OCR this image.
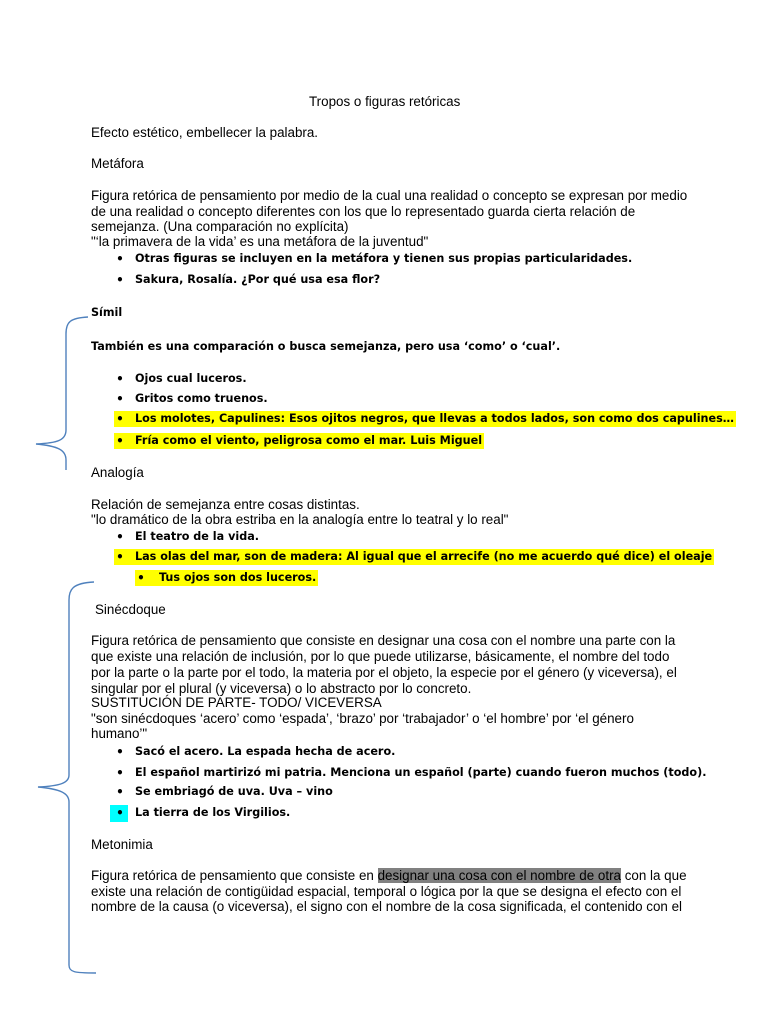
Tropos o figuras retóricas
Efecto estético, embellecer la palabra.
Metáfora
Figura retórica de pensamiento por medio de la cual una realidad o concepto se expresan por medio
de una realidad o concepto diferentes con los que lo representado guarda cierta relación de
semejanza. (Una comparación no explícita)
"‘la primavera de la vida’ es una metáfora de la juventud"
• Otras figuras se incluyen en la metáfora y tienen sus propias particularidades.
• Sakura, Rosalía. ¿Por qué usa esa flor?
Símil
También es una comparación o busca semejanza, pero usa ‘como’ o ‘cual’.
• Ojos cual luceros.
• Gritos como truenos.
• Los molotes, Capulines: Esos ojitos negros, que llevas a todos lados, son como dos capulines…
• Fría como el viento, peligrosa como el mar. Luis Miguel
Analogía
Relación de semejanza entre cosas distintas.
"lo dramático de la obra estriba en la analogía entre lo teatral y lo real"
• El teatro de la vida.
• Las olas del mar, son de madera: Al igual que el arrecife (no me acuerdo qué dice) el oleaje
• Tus ojos son dos luceros.
Sinécdoque
Figura retórica de pensamiento que consiste en designar una cosa con el nombre una parte con la
que existe una relación de inclusión, por lo que puede utilizarse, básicamente, el nombre del todo
por la parte o la parte por el todo, la materia por el objeto, la especie por el género (y viceversa), el
singular por el plural (y viceversa) o lo abstracto por lo concreto.
SUSTITUCIÓN DE PARTE- TODO/ VICEVERSA
"son sinécdoques ‘acero’ como ‘espada’, ‘brazo’ por ‘trabajador’ o ‘el hombre’ por ‘el género
humano’"
• Sacó el acero. La espada hecha de acero.
• El español martirizó mi patria. Menciona un español (parte) cuando fueron muchos (todo).
• Se embriagó de uva. Uva – vino
• La tierra de los Virgilios.
Metonimia
Figura retórica de pensamiento que consiste en designar una cosa con el nombre de otra con la que
existe una relación de contigüidad espacial, temporal o lógica por la que se designa el efecto con el
nombre de la causa (o viceversa), el signo con el nombre de la cosa significada, el contenido con el
